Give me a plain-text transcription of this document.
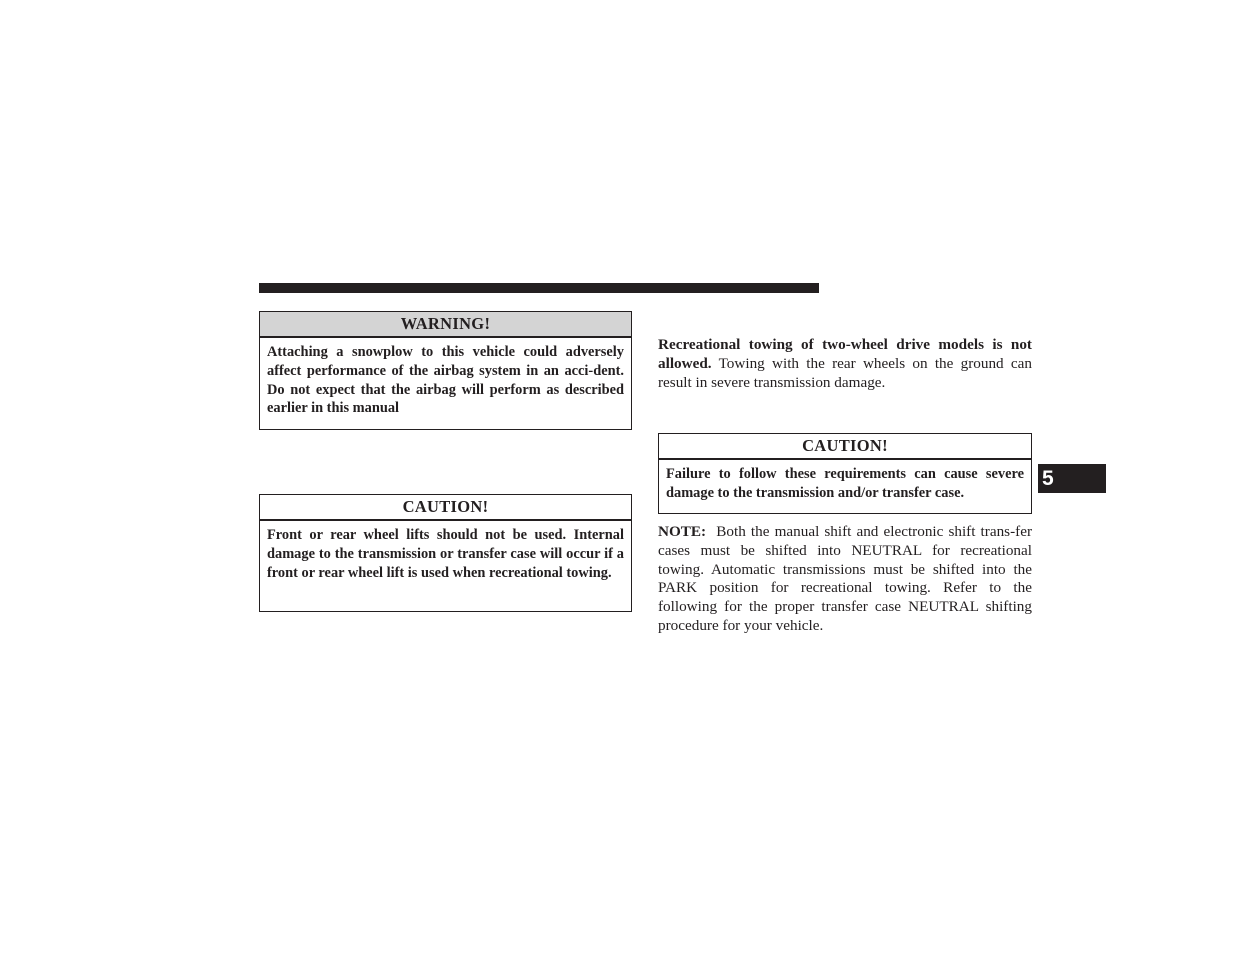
WARNING!
Attaching a snowplow to this vehicle could adversely affect performance of the airbag system in an acci-dent. Do not expect that the airbag will perform as described earlier in this manual
CAUTION!
Front or rear wheel lifts should not be used. Internal damage to the transmission or transfer case will occur if a front or rear wheel lift is used when recreational towing.
Recreational towing of two-wheel drive models is not allowed. Towing with the rear wheels on the ground can result in severe transmission damage.
CAUTION!
Failure to follow these requirements can cause severe damage to the transmission and/or transfer case.
NOTE:  Both the manual shift and electronic shift trans-fer cases must be shifted into NEUTRAL for recreational towing. Automatic transmissions must be shifted into the PARK position for recreational towing. Refer to the following for the proper transfer case NEUTRAL shifting procedure for your vehicle.
5
